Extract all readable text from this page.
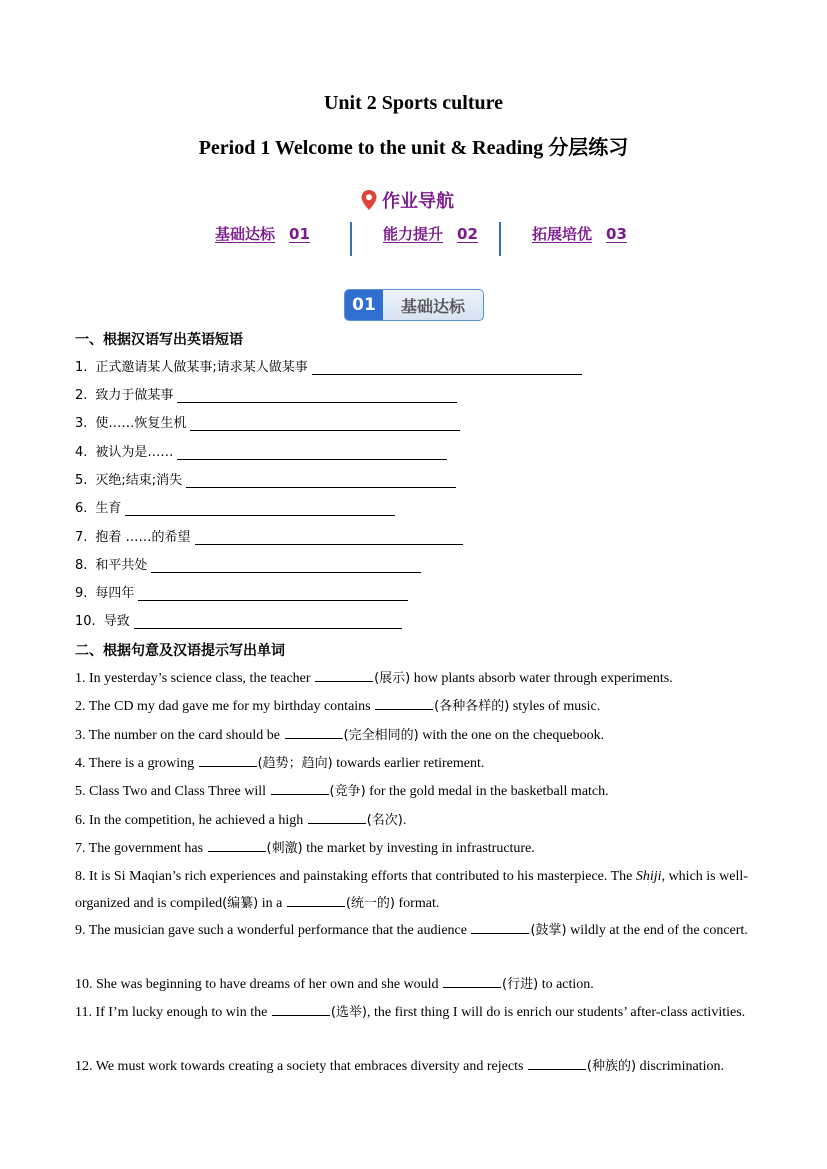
Unit 2 Sports culture
Period 1 Welcome to the unit & Reading 分层练习
作业导航
基础达标 01	能力提升 02	拓展培优 03
01	基础达标
一、根据汉语写出英语短语
1. 正式邀请某人做某事;请求某人做某事
2. 致力于做某事
3. 使……恢复生机
4. 被认为是……
5. 灭绝;结束;消失
6. 生育
7. 抱着 ……的希望
8. 和平共处
9. 每四年
10. 导致
二、根据句意及汉语提示写出单词
1. In yesterday’s science class, the teacher	(展示) how plants absorb water through experiments.
2. The CD my dad gave me for my birthday contains	(各种各样的) styles of music.
3. The number on the card should be	(完全相同的) with the one on the chequebook.
4. There is a growing	(趋势；趋向) towards earlier retirement.
5. Class Two and Class Three will	(竞争) for the gold medal in the basketball match.
6. In the competition, he achieved a high	(名次).
7. The government has	(刺激) the market by investing in infrastructure.
8. It is Si Maqian’s rich experiences and painstaking efforts that contributed to his masterpiece. The Shiji, which is well-organized and is compiled(编纂) in a	(统一的) format.
9. The musician gave such a wonderful performance that the audience	(鼓掌) wildly at the end of the concert.
10. She was beginning to have dreams of her own and she would	(行进) to action.
11. If I’m lucky enough to win the	(选举), the first thing I will do is enrich our students’ after-class activities.
12. We must work towards creating a society that embraces diversity and rejects	(种族的) discrimination.
